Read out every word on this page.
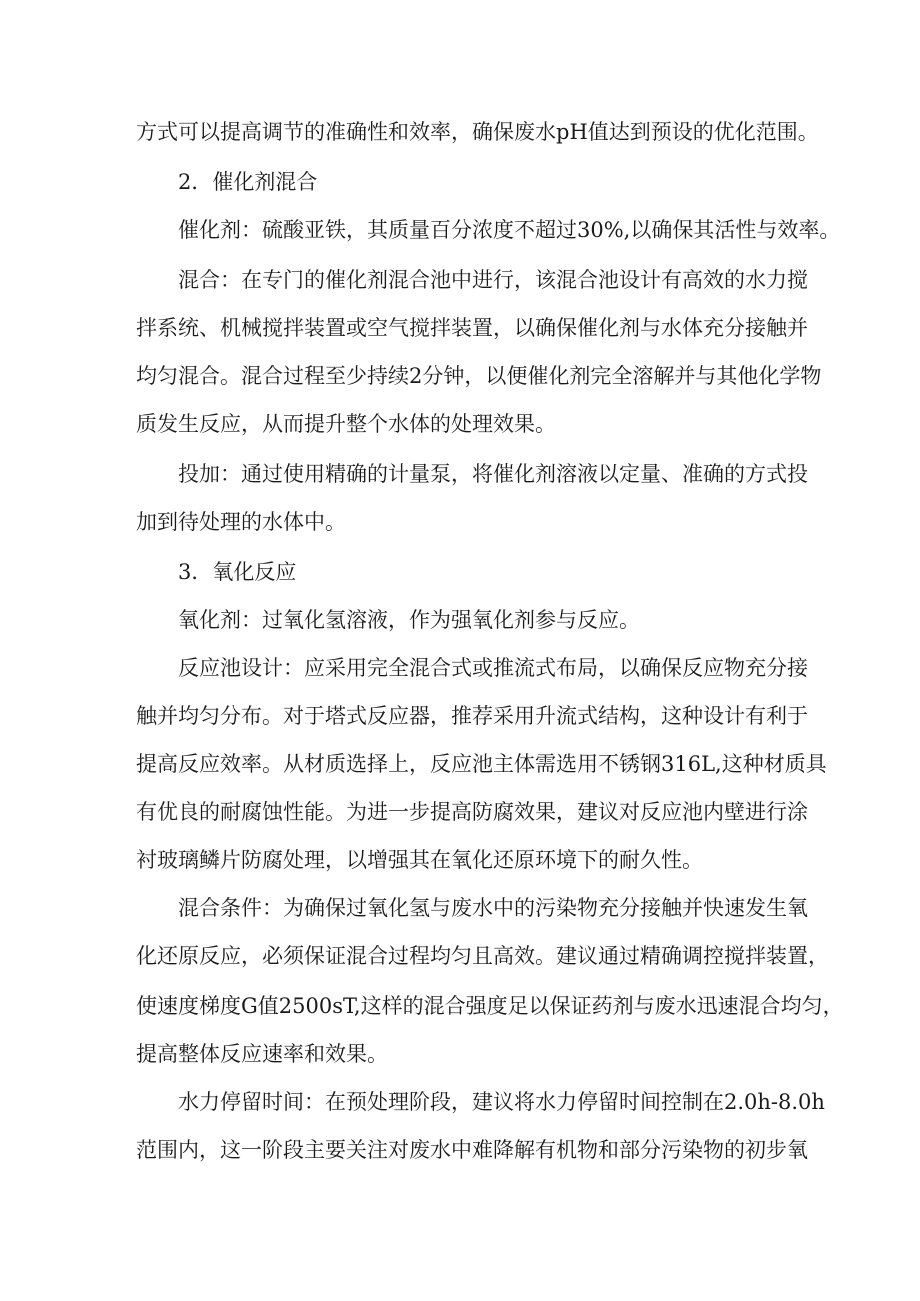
方式可以提高调节的准确性和效率，确保废水pH值达到预设的优化范围。
2．催化剂混合
催化剂：硫酸亚铁，其质量百分浓度不超过30%,以确保其活性与效率。
混合：在专门的催化剂混合池中进行，该混合池设计有高效的水力搅
拌系统、机械搅拌装置或空气搅拌装置，以确保催化剂与水体充分接触并
均匀混合。混合过程至少持续2分钟，以便催化剂完全溶解并与其他化学物
质发生反应，从而提升整个水体的处理效果。
投加：通过使用精确的计量泵，将催化剂溶液以定量、准确的方式投
加到待处理的水体中。
3．氧化反应
氧化剂：过氧化氢溶液，作为强氧化剂参与反应。
反应池设计：应采用完全混合式或推流式布局，以确保反应物充分接
触并均匀分布。对于塔式反应器，推荐采用升流式结构，这种设计有利于
提高反应效率。从材质选择上，反应池主体需选用不锈钢316L,这种材质具
有优良的耐腐蚀性能。为进一步提高防腐效果，建议对反应池内壁进行涂
衬玻璃鳞片防腐处理，以增强其在氧化还原环境下的耐久性。
混合条件：为确保过氧化氢与废水中的污染物充分接触并快速发生氧
化还原反应，必须保证混合过程均匀且高效。建议通过精确调控搅拌装置，
使速度梯度G值2500sT,这样的混合强度足以保证药剂与废水迅速混合均匀，
提高整体反应速率和效果。
水力停留时间：在预处理阶段，建议将水力停留时间控制在2.0h-8.0h
范围内，这一阶段主要关注对废水中难降解有机物和部分污染物的初步氧
